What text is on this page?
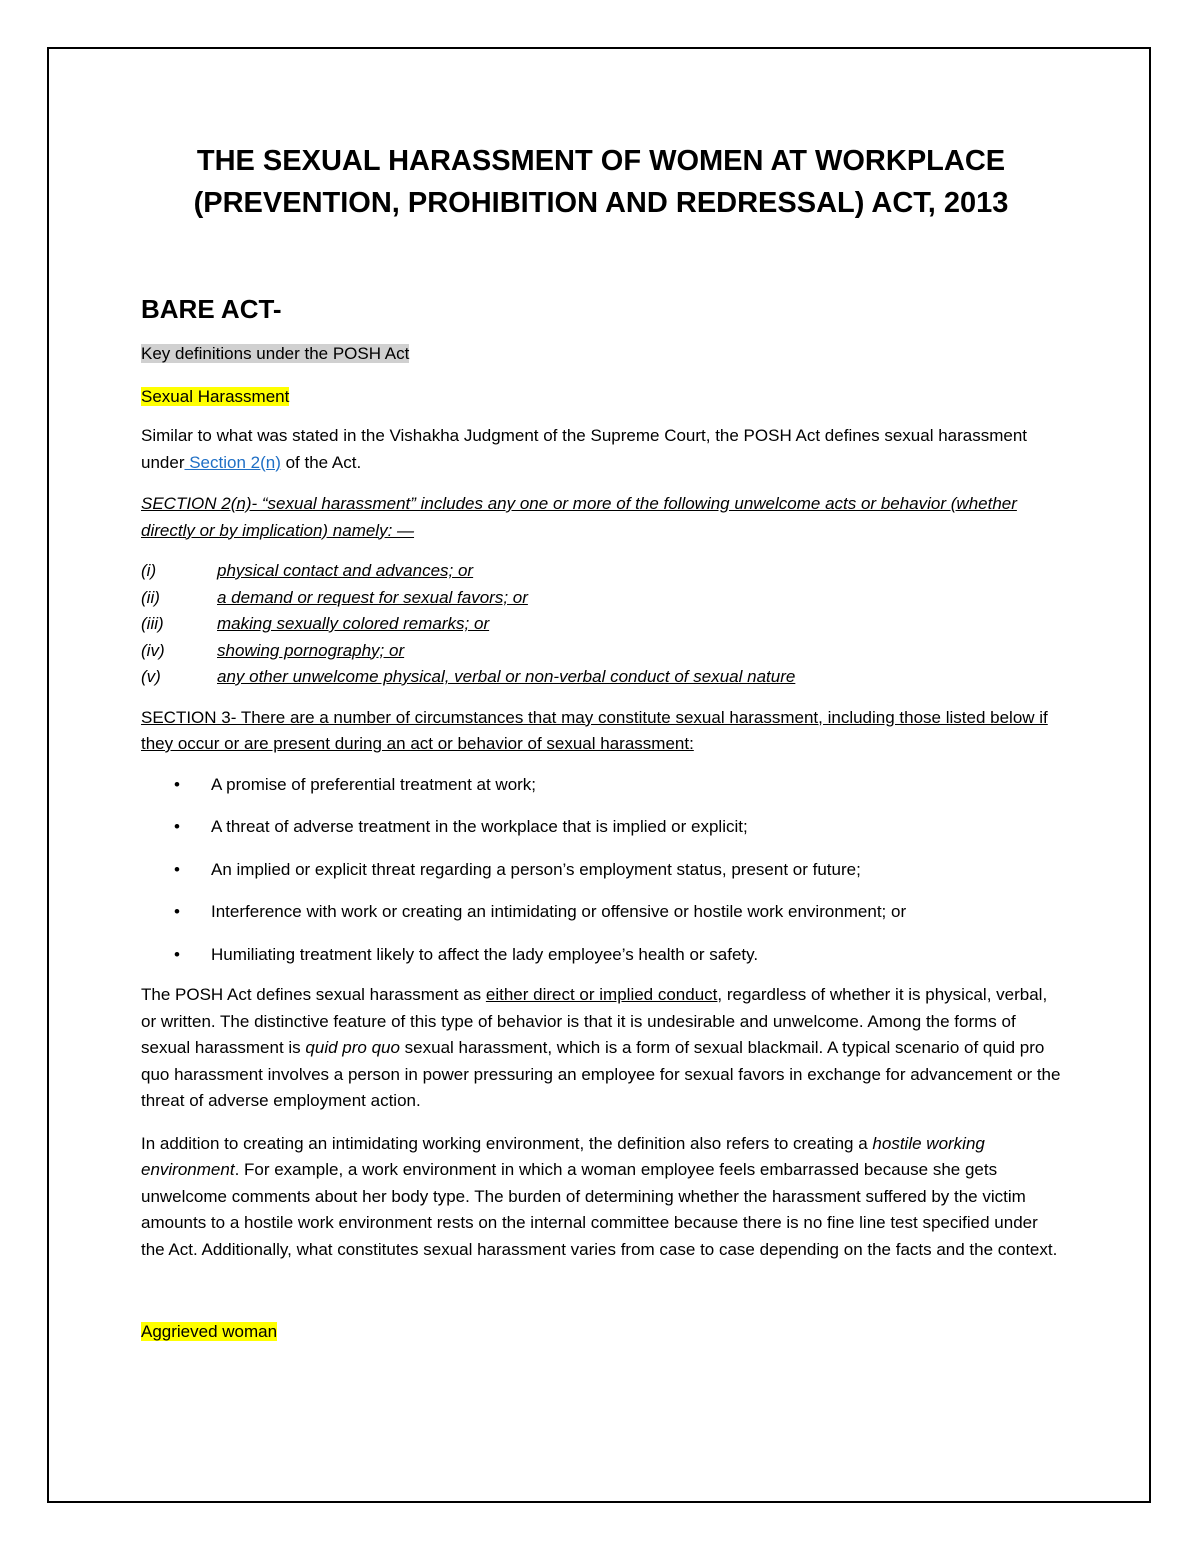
THE SEXUAL HARASSMENT OF WOMEN AT WORKPLACE
(PREVENTION, PROHIBITION AND REDRESSAL) ACT, 2013
BARE ACT-

Key definitions under the POSH Act

Sexual Harassment

Similar to what was stated in the Vishakha Judgment of the Supreme Court, the POSH Act defines sexual harassment under Section 2(n) of the Act.

SECTION 2(n)- “sexual harassment” includes any one or more of the following unwelcome acts or behavior (whether directly or by implication) namely: —

(i)	physical contact and advances; or
(ii)	a demand or request for sexual favors; or
(iii)	making sexually colored remarks; or
(iv)	showing pornography; or
(v)	any other unwelcome physical, verbal or non-verbal conduct of sexual nature

SECTION 3- There are a number of circumstances that may constitute sexual harassment, including those listed below if they occur or are present during an act or behavior of sexual harassment:

•	A promise of preferential treatment at work;
•	A threat of adverse treatment in the workplace that is implied or explicit;
•	An implied or explicit threat regarding a person’s employment status, present or future;
•	Interference with work or creating an intimidating or offensive or hostile work environment; or
•	Humiliating treatment likely to affect the lady employee’s health or safety.

The POSH Act defines sexual harassment as either direct or implied conduct, regardless of whether it is physical, verbal, or written. The distinctive feature of this type of behavior is that it is undesirable and unwelcome. Among the forms of sexual harassment is quid pro quo sexual harassment, which is a form of sexual blackmail. A typical scenario of quid pro quo harassment involves a person in power pressuring an employee for sexual favors in exchange for advancement or the threat of adverse employment action.

In addition to creating an intimidating working environment, the definition also refers to creating a hostile working environment. For example, a work environment in which a woman employee feels embarrassed because she gets unwelcome comments about her body type. The burden of determining whether the harassment suffered by the victim amounts to a hostile work environment rests on the internal committee because there is no fine line test specified under the Act. Additionally, what constitutes sexual harassment varies from case to case depending on the facts and the context.

Aggrieved woman
